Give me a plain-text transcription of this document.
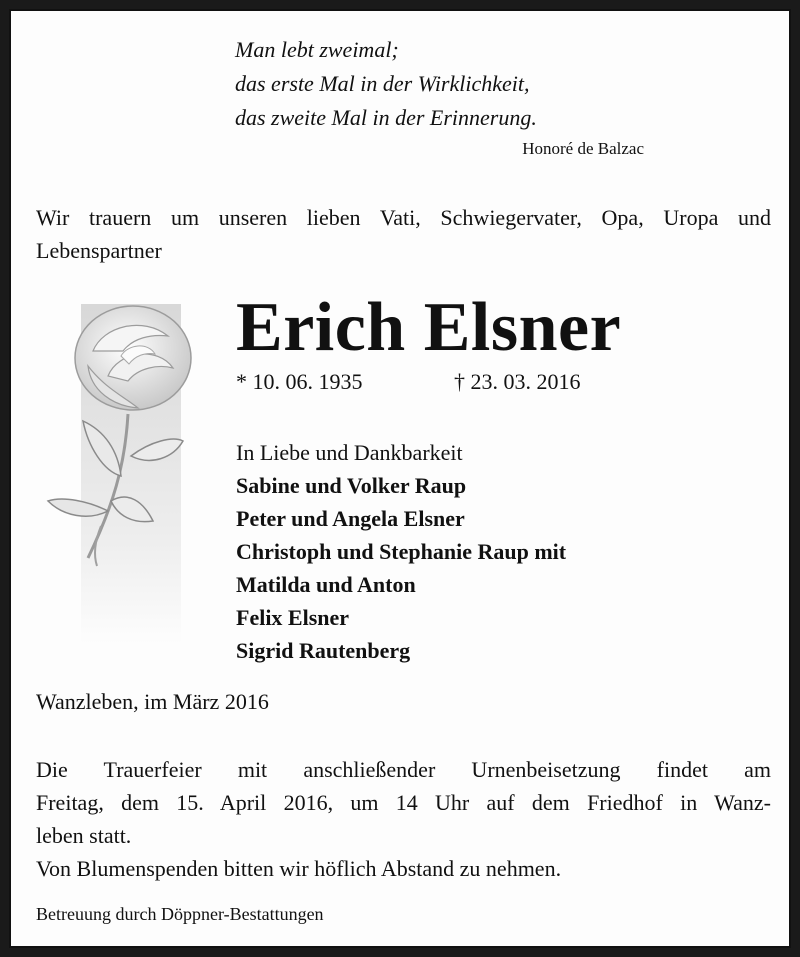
Man lebt zweimal;
das erste Mal in der Wirklichkeit,
das zweite Mal in der Erinnerung.
Honoré de Balzac
Wir trauern um unseren lieben Vati, Schwiegervater, Opa, Uropa und Lebenspartner
Erich Elsner
* 10. 06. 1935	† 23. 03. 2016
In Liebe und Dankbarkeit
Sabine und Volker Raup
Peter und Angela Elsner
Christoph und Stephanie Raup mit
Matilda und Anton
Felix Elsner
Sigrid Rautenberg
Wanzleben, im März 2016
Die Trauerfeier mit anschließender Urnenbeisetzung findet am
Freitag, dem 15. April 2016, um 14 Uhr auf dem Friedhof in Wanz-
leben statt.
Von Blumenspenden bitten wir höflich Abstand zu nehmen.
Betreuung durch Döppner-Bestattungen
